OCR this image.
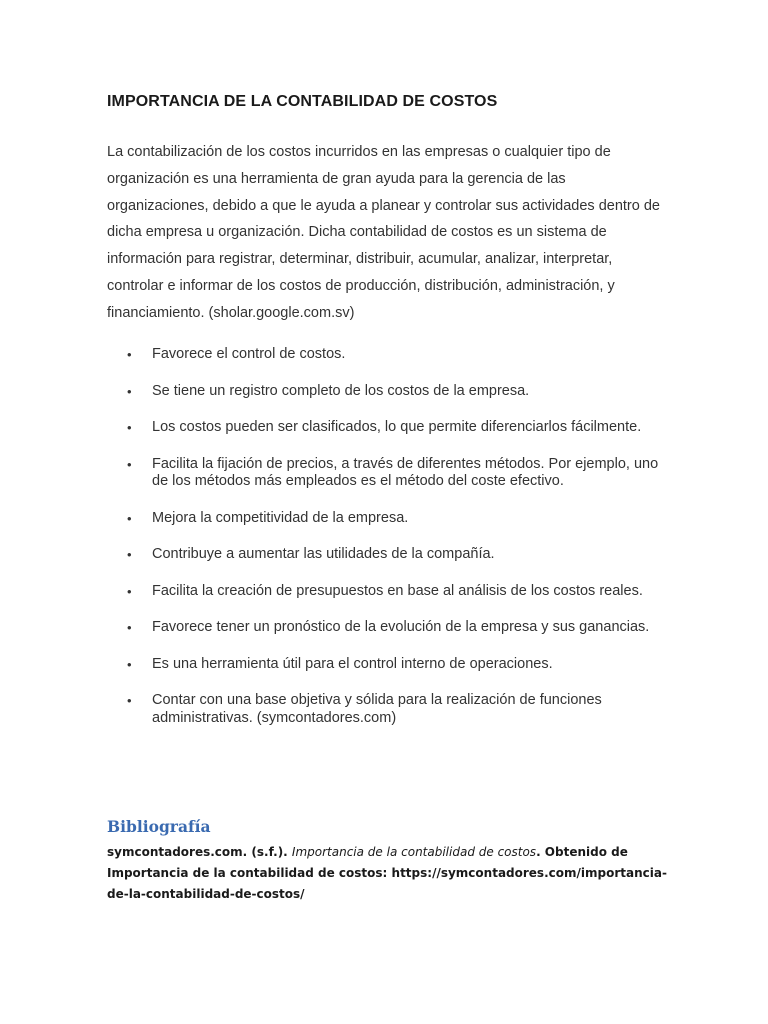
IMPORTANCIA DE LA CONTABILIDAD DE COSTOS

La contabilización de los costos incurridos en las empresas o cualquier tipo de organización es una herramienta de gran ayuda para la gerencia de las organizaciones, debido a que le ayuda a planear y controlar sus actividades dentro de dicha empresa u organización. Dicha contabilidad de costos es un sistema de información para registrar, determinar, distribuir, acumular, analizar, interpretar, controlar e informar de los costos de producción, distribución, administración, y financiamiento. (sholar.google.com.sv)

• Favorece el control de costos.
• Se tiene un registro completo de los costos de la empresa.
• Los costos pueden ser clasificados, lo que permite diferenciarlos fácilmente.
• Facilita la fijación de precios, a través de diferentes métodos. Por ejemplo, uno de los métodos más empleados es el método del coste efectivo.
• Mejora la competitividad de la empresa.
• Contribuye a aumentar las utilidades de la compañía.
• Facilita la creación de presupuestos en base al análisis de los costos reales.
• Favorece tener un pronóstico de la evolución de la empresa y sus ganancias.
• Es una herramienta útil para el control interno de operaciones.
• Contar con una base objetiva y sólida para la realización de funciones administrativas. (symcontadores.com)
Bibliografía

symcontadores.com. (s.f.). Importancia de la contabilidad de costos. Obtenido de Importancia de la contabilidad de costos: https://symcontadores.com/importancia-de-la-contabilidad-de-costos/
